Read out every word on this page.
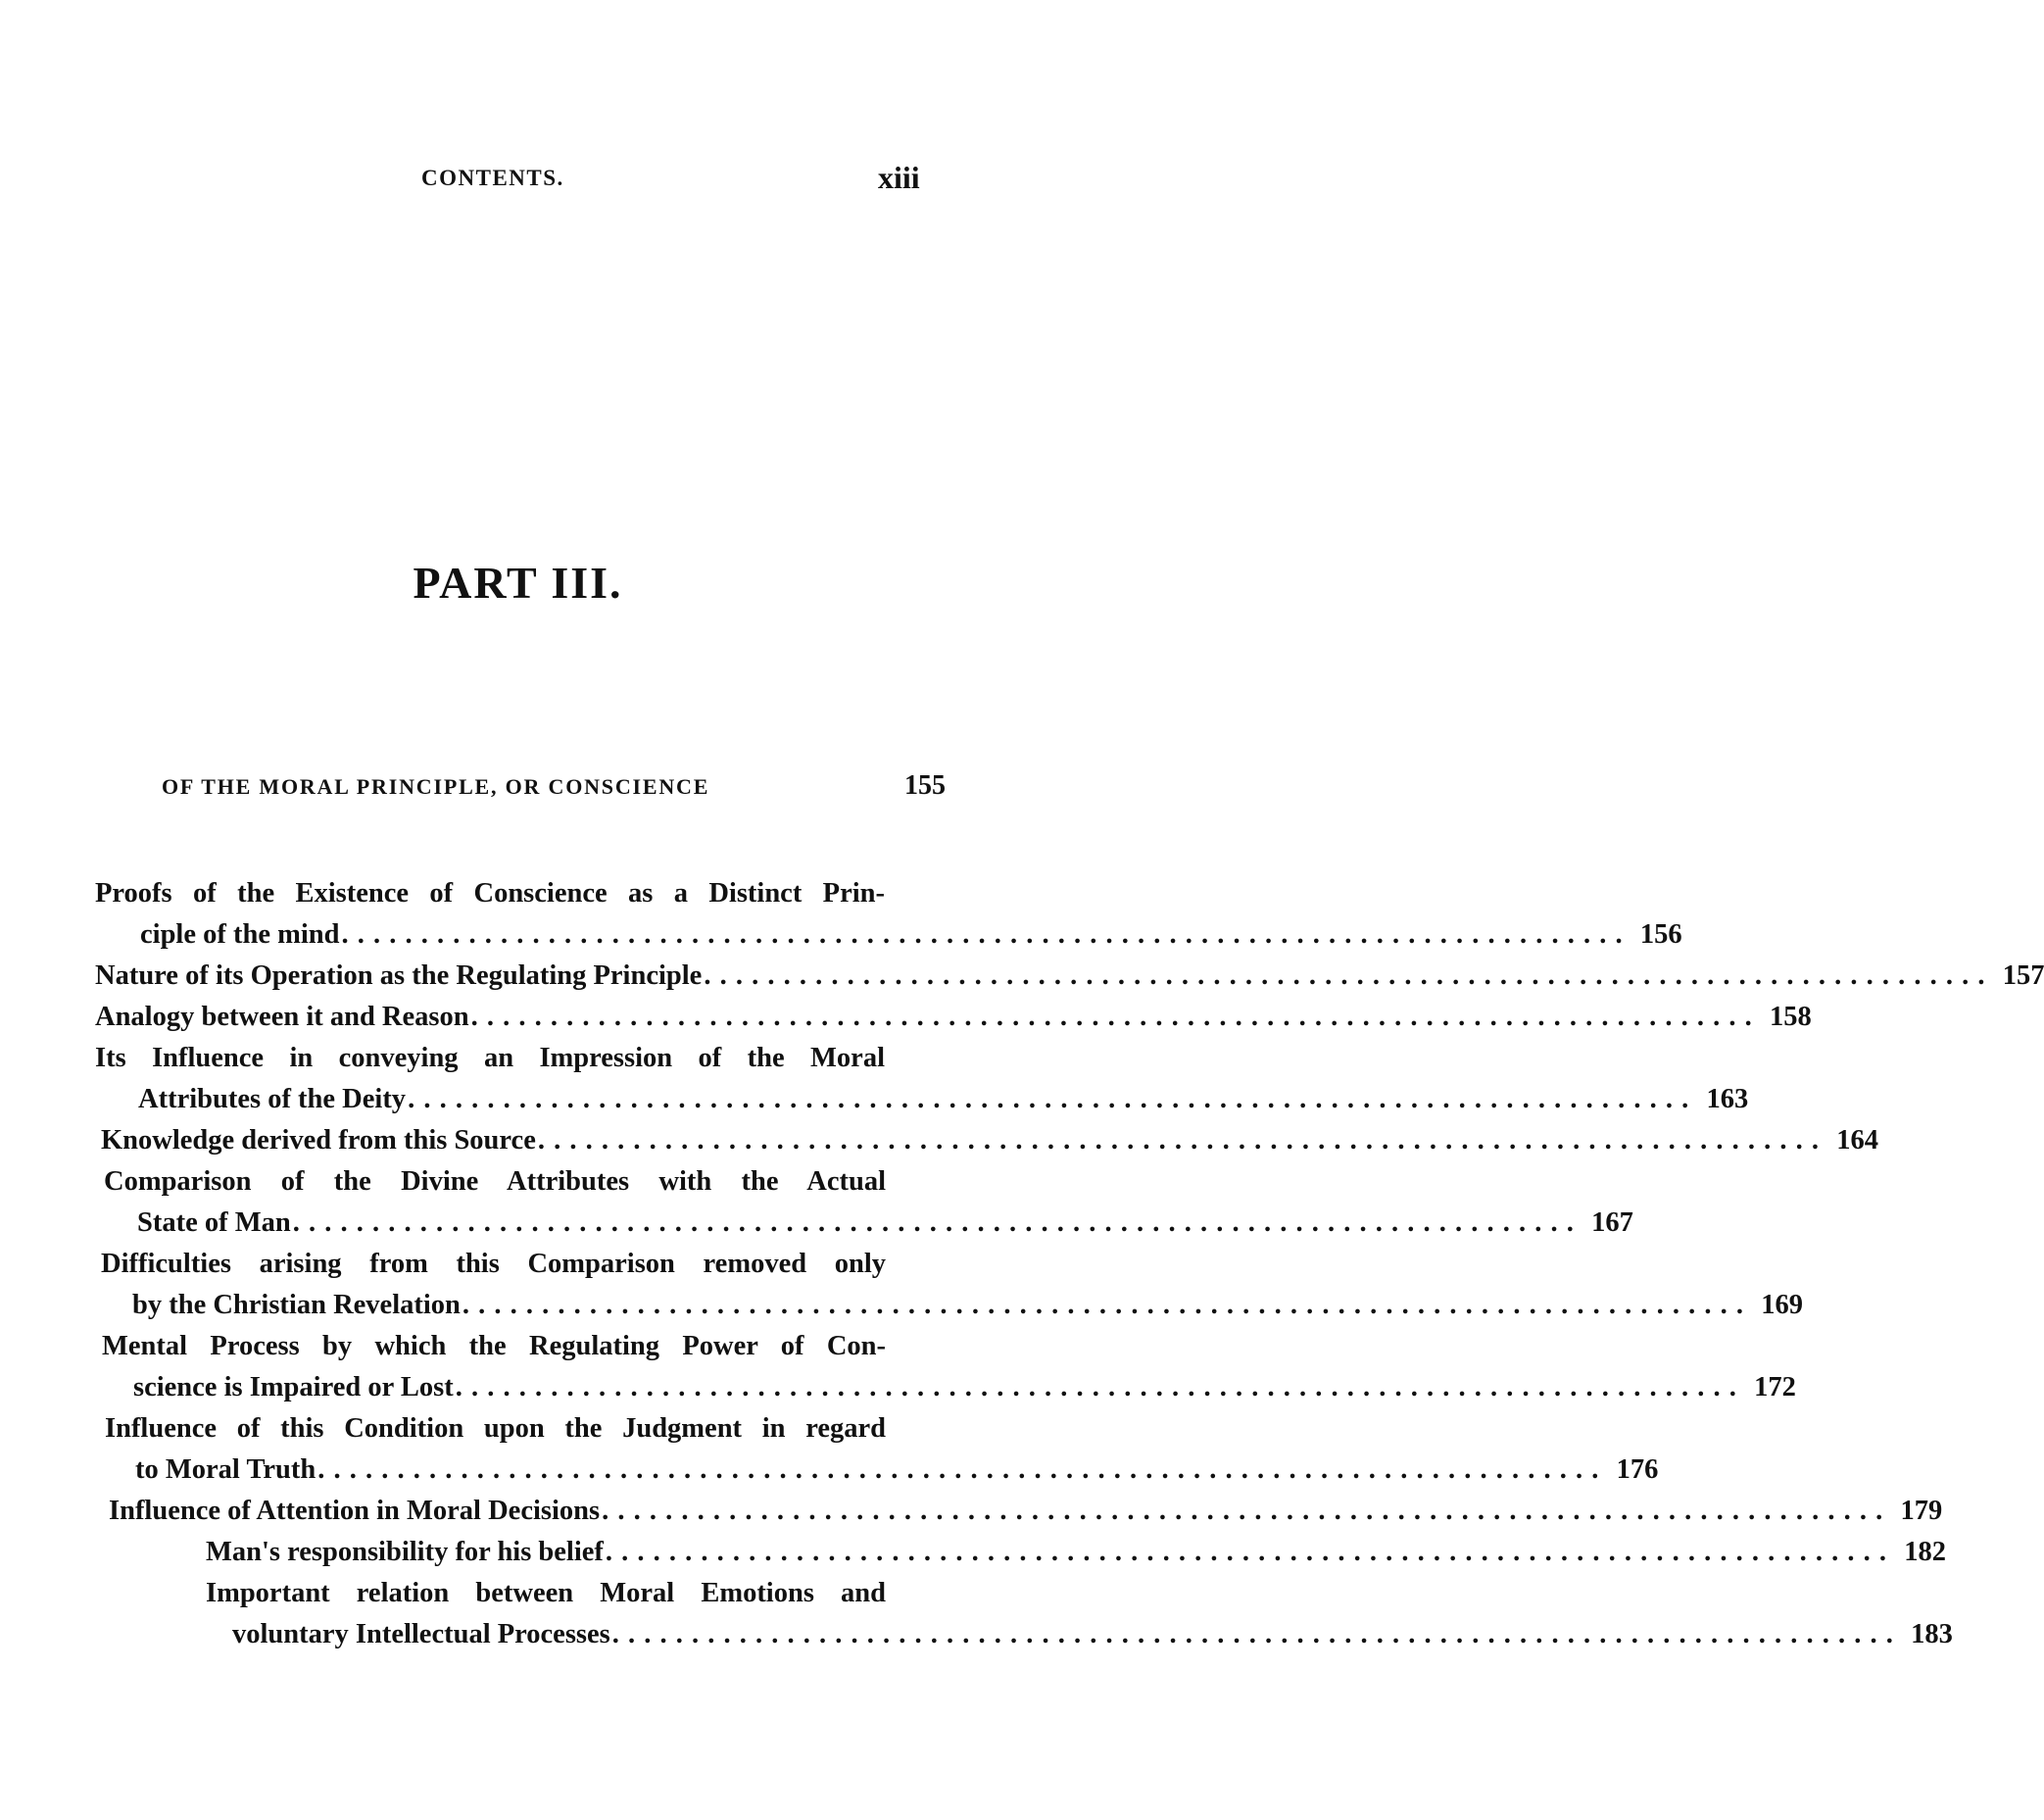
CONTENTS.	xiii
PART III.
OF THE MORAL PRINCIPLE, OR CONSCIENCE	155
Proofs of the Existence of Conscience as a Distinct Prin-
ciple of the mind . . . . . . . . . . . . . . . . . . . . . . . . . . . . . . . . . . . . . . . . . . . . . . . . . . . . . . . . . . . . . . . . . . . . . . . . . . . . . . . . . 156
Nature of its Operation as the Regulating Principle . . . . . . . . . . . . . . . . . . . . . . . . . . . . . . . . . . . . . . . . . . . . . . . . . . . . . . . . . . . . . . . . . . . . . . . . . . . . . . . . . 157
Analogy between it and Reason . . . . . . . . . . . . . . . . . . . . . . . . . . . . . . . . . . . . . . . . . . . . . . . . . . . . . . . . . . . . . . . . . . . . . . . . . . . . . . . . . 158
Its Influence in conveying an Impression of the Moral
Attributes of the Deity . . . . . . . . . . . . . . . . . . . . . . . . . . . . . . . . . . . . . . . . . . . . . . . . . . . . . . . . . . . . . . . . . . . . . . . . . . . . . . . . . 163
Knowledge derived from this Source . . . . . . . . . . . . . . . . . . . . . . . . . . . . . . . . . . . . . . . . . . . . . . . . . . . . . . . . . . . . . . . . . . . . . . . . . . . . . . . . . 164
Comparison of the Divine Attributes with the Actual
State of Man . . . . . . . . . . . . . . . . . . . . . . . . . . . . . . . . . . . . . . . . . . . . . . . . . . . . . . . . . . . . . . . . . . . . . . . . . . . . . . . . . 167
Difficulties arising from this Comparison removed only
by the Christian Revelation . . . . . . . . . . . . . . . . . . . . . . . . . . . . . . . . . . . . . . . . . . . . . . . . . . . . . . . . . . . . . . . . . . . . . . . . . . . . . . . . . 169
Mental Process by which the Regulating Power of Con-
science is Impaired or Lost . . . . . . . . . . . . . . . . . . . . . . . . . . . . . . . . . . . . . . . . . . . . . . . . . . . . . . . . . . . . . . . . . . . . . . . . . . . . . . . . . 172
Influence of this Condition upon the Judgment in regard
to Moral Truth . . . . . . . . . . . . . . . . . . . . . . . . . . . . . . . . . . . . . . . . . . . . . . . . . . . . . . . . . . . . . . . . . . . . . . . . . . . . . . . . . 176
Influence of Attention in Moral Decisions . . . . . . . . . . . . . . . . . . . . . . . . . . . . . . . . . . . . . . . . . . . . . . . . . . . . . . . . . . . . . . . . . . . . . . . . . . . . . . . . . 179
Man's responsibility for his belief . . . . . . . . . . . . . . . . . . . . . . . . . . . . . . . . . . . . . . . . . . . . . . . . . . . . . . . . . . . . . . . . . . . . . . . . . . . . . . . . . 182
Important relation between Moral Emotions and
voluntary Intellectual Processes . . . . . . . . . . . . . . . . . . . . . . . . . . . . . . . . . . . . . . . . . . . . . . . . . . . . . . . . . . . . . . . . . . . . . . . . . . . . . . . . . 183
